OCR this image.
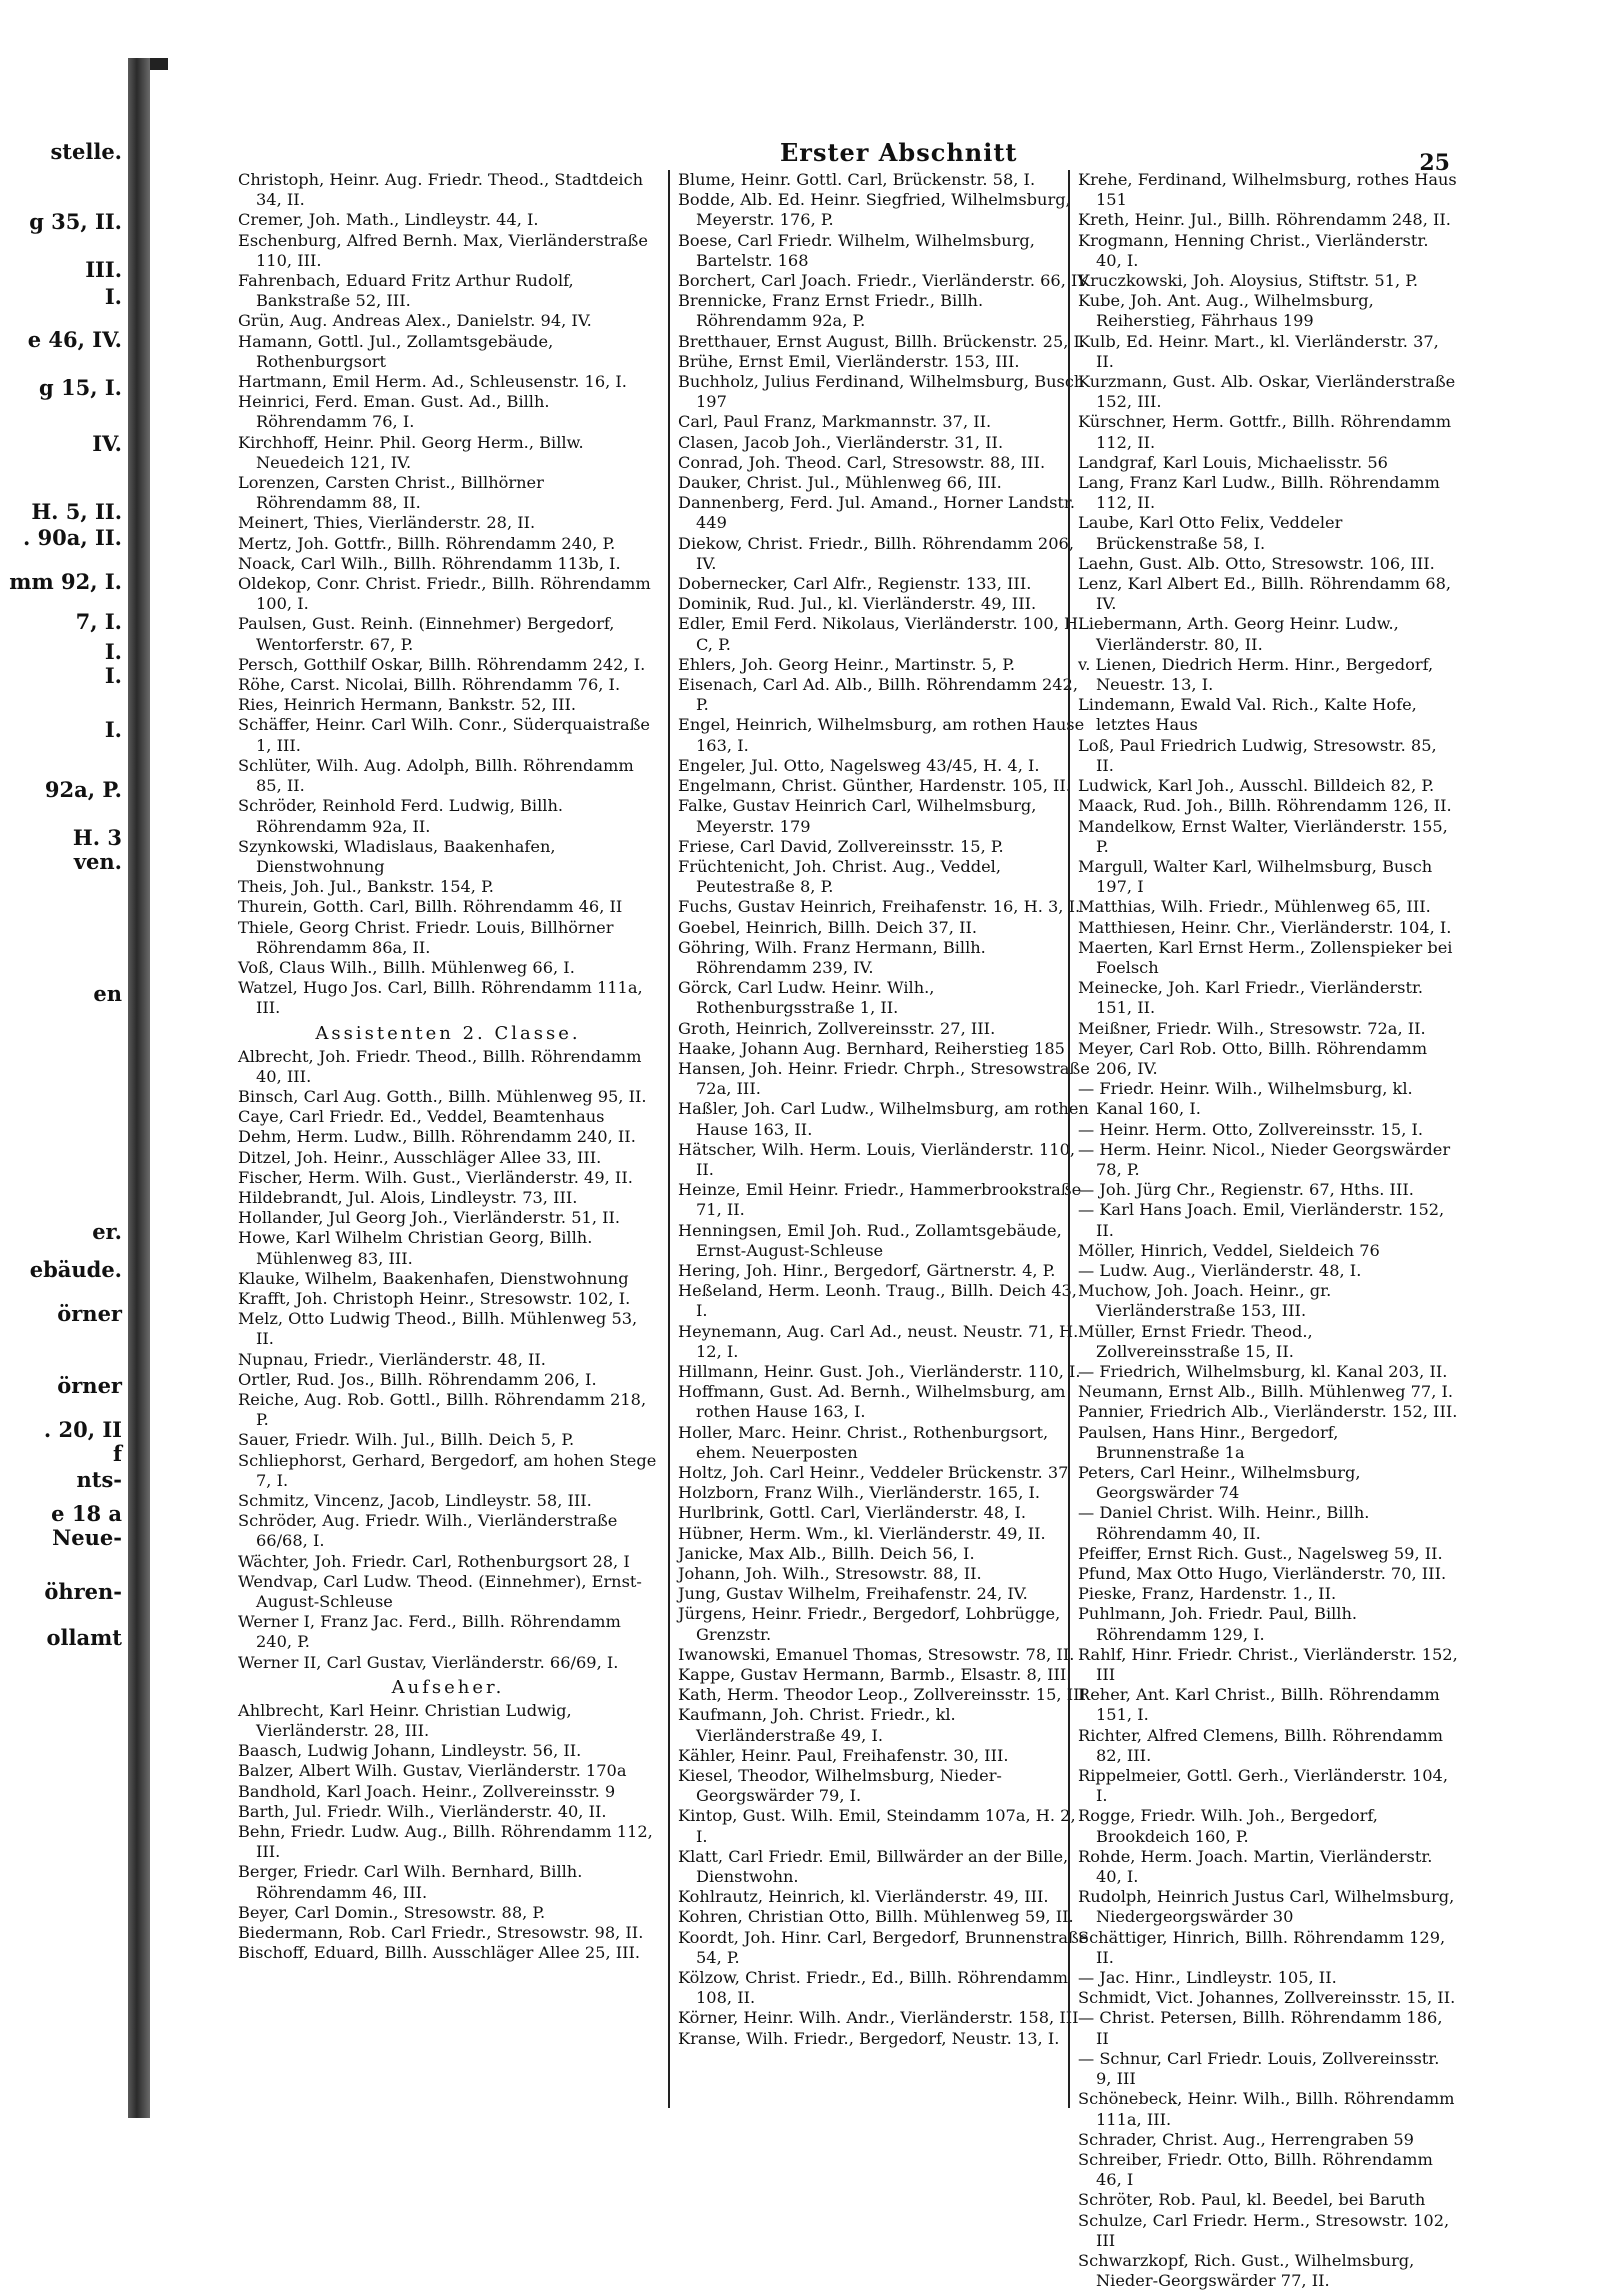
stelle.
g 35, II.
III.
I.
e 46, IV.
g 15, I.
IV.
H. 5, II.
. 90a, II.
mm 92, I.
7, I.
I.
I.
I.
92a, P.
H. 3
ven.
en
er.
ebäude.
örner
örner
. 20, II
f
nts-
e 18 a
Neue-
öhren-
ollamt
Erster Abschnitt	25

Christoph, Heinr. Aug. Friedr. Theod., Stadtdeich 34, II.

Cremer, Joh. Math., Lindleystr. 44, I.

Eschenburg, Alfred Bernh. Max, Vierländerstraße 110, III.

Fahrenbach, Eduard Fritz Arthur Rudolf, Bankstraße 52, III.

Grün, Aug. Andreas Alex., Danielstr. 94, IV.

Hamann, Gottl. Jul., Zollamtsgebäude, Rothenburgsort

Hartmann, Emil Herm. Ad., Schleusenstr. 16, I.

Heinrici, Ferd. Eman. Gust. Ad., Billh. Röhrendamm 76, I.

Kirchhoff, Heinr. Phil. Georg Herm., Billw. Neuedeich 121, IV.

Lorenzen, Carsten Christ., Billhörner Röhrendamm 88, II.

Meinert, Thies, Vierländerstr. 28, II.

Mertz, Joh. Gottfr., Billh. Röhrendamm 240, P.

Noack, Carl Wilh., Billh. Röhrendamm 113b, I.

Oldekop, Conr. Christ. Friedr., Billh. Röhrendamm 100, I.

Paulsen, Gust. Reinh. (Einnehmer) Bergedorf, Wentorferstr. 67, P.

Persch, Gotthilf Oskar, Billh. Röhrendamm 242, I.

Röhe, Carst. Nicolai, Billh. Röhrendamm 76, I.

Ries, Heinrich Hermann, Bankstr. 52, III.

Schäffer, Heinr. Carl Wilh. Conr., Süderquaistraße 1, III.

Schlüter, Wilh. Aug. Adolph, Billh. Röhrendamm 85, II.

Schröder, Reinhold Ferd. Ludwig, Billh. Röhrendamm 92a, II.

Szynkowski, Wladislaus, Baakenhafen, Dienstwohnung

Theis, Joh. Jul., Bankstr. 154, P.

Thurein, Gotth. Carl, Billh. Röhrendamm 46, II

Thiele, Georg Christ. Friedr. Louis, Billhörner Röhrendamm 86a, II.

Voß, Claus Wilh., Billh. Mühlenweg 66, I.

Watzel, Hugo Jos. Carl, Billh. Röhrendamm 111a, III.

Assistenten 2. Classe.

Albrecht, Joh. Friedr. Theod., Billh. Röhrendamm 40, III.

Binsch, Carl Aug. Gotth., Billh. Mühlenweg 95, II.

Caye, Carl Friedr. Ed., Veddel, Beamtenhaus

Dehm, Herm. Ludw., Billh. Röhrendamm 240, II.

Ditzel, Joh. Heinr., Ausschläger Allee 33, III.

Fischer, Herm. Wilh. Gust., Vierländerstr. 49, II.

Hildebrandt, Jul. Alois, Lindleystr. 73, III.

Hollander, Jul Georg Joh., Vierländerstr. 51, II.

Howe, Karl Wilhelm Christian Georg, Billh. Mühlenweg 83, III.

Klauke, Wilhelm, Baakenhafen, Dienstwohnung

Krafft, Joh. Christoph Heinr., Stresowstr. 102, I.

Melz, Otto Ludwig Theod., Billh. Mühlenweg 53, II.

Nupnau, Friedr., Vierländerstr. 48, II.

Ortler, Rud. Jos., Billh. Röhrendamm 206, I.

Reiche, Aug. Rob. Gottl., Billh. Röhrendamm 218, P.

Sauer, Friedr. Wilh. Jul., Billh. Deich 5, P.

Schliephorst, Gerhard, Bergedorf, am hohen Stege 7, I.

Schmitz, Vincenz, Jacob, Lindleystr. 58, III.

Schröder, Aug. Friedr. Wilh., Vierländerstraße 66/68, I.

Wächter, Joh. Friedr. Carl, Rothenburgsort 28, I

Wendvap, Carl Ludw. Theod. (Einnehmer), Ernst-August-Schleuse

Werner I, Franz Jac. Ferd., Billh. Röhrendamm 240, P.

Werner II, Carl Gustav, Vierländerstr. 66/69, I.

Aufseher.

Ahlbrecht, Karl Heinr. Christian Ludwig, Vierländerstr. 28, III.

Baasch, Ludwig Johann, Lindleystr. 56, II.

Balzer, Albert Wilh. Gustav, Vierländerstr. 170a

Bandhold, Karl Joach. Heinr., Zollvereinsstr. 9

Barth, Jul. Friedr. Wilh., Vierländerstr. 40, II.

Behn, Friedr. Ludw. Aug., Billh. Röhrendamm 112, III.

Berger, Friedr. Carl Wilh. Bernhard, Billh. Röhrendamm 46, III.

Beyer, Carl Domin., Stresowstr. 88, P.

Biedermann, Rob. Carl Friedr., Stresowstr. 98, II.

Bischoff, Eduard, Billh. Ausschläger Allee 25, III.

Blume, Heinr. Gottl. Carl, Brückenstr. 58, I.

Bodde, Alb. Ed. Heinr. Siegfried, Wilhelmsburg, Meyerstr. 176, P.

Boese, Carl Friedr. Wilhelm, Wilhelmsburg, Bartelstr. 168

Borchert, Carl Joach. Friedr., Vierländerstr. 66, IV

Brennicke, Franz Ernst Friedr., Billh. Röhrendamm 92a, P.

Bretthauer, Ernst August, Billh. Brückenstr. 25, I.

Brühe, Ernst Emil, Vierländerstr. 153, III.

Buchholz, Julius Ferdinand, Wilhelmsburg, Busch 197

Carl, Paul Franz, Markmannstr. 37, II.

Clasen, Jacob Joh., Vierländerstr. 31, II.

Conrad, Joh. Theod. Carl, Stresowstr. 88, III.

Dauker, Christ. Jul., Mühlenweg 66, III.

Dannenberg, Ferd. Jul. Amand., Horner Landstr. 449

Diekow, Christ. Friedr., Billh. Röhrendamm 206, IV.

Dobernecker, Carl Alfr., Regienstr. 133, III.

Dominik, Rud. Jul., kl. Vierländerstr. 49, III.

Edler, Emil Ferd. Nikolaus, Vierländerstr. 100, H. C, P.

Ehlers, Joh. Georg Heinr., Martinstr. 5, P.

Eisenach, Carl Ad. Alb., Billh. Röhrendamm 242, P.

Engel, Heinrich, Wilhelmsburg, am rothen Hause 163, I.

Engeler, Jul. Otto, Nagelsweg 43/45, H. 4, I.

Engelmann, Christ. Günther, Hardenstr. 105, II.

Falke, Gustav Heinrich Carl, Wilhelmsburg, Meyerstr. 179

Friese, Carl David, Zollvereinsstr. 15, P.

Früchtenicht, Joh. Christ. Aug., Veddel, Peutestraße 8, P.

Fuchs, Gustav Heinrich, Freihafenstr. 16, H. 3, I.

Goebel, Heinrich, Billh. Deich 37, II.

Göhring, Wilh. Franz Hermann, Billh. Röhrendamm 239, IV.

Görck, Carl Ludw. Heinr. Wilh., Rothenburgsstraße 1, II.

Groth, Heinrich, Zollvereinsstr. 27, III.

Haake, Johann Aug. Bernhard, Reiherstieg 185

Hansen, Joh. Heinr. Friedr. Chrph., Stresowstraße 72a, III.

Haßler, Joh. Carl Ludw., Wilhelmsburg, am rothen Hause 163, II.

Hätscher, Wilh. Herm. Louis, Vierländerstr. 110, II.

Heinze, Emil Heinr. Friedr., Hammerbrookstraße 71, II.

Henningsen, Emil Joh. Rud., Zollamtsgebäude, Ernst-August-Schleuse

Hering, Joh. Hinr., Bergedorf, Gärtnerstr. 4, P.

Heßeland, Herm. Leonh. Traug., Billh. Deich 43, I.

Heynemann, Aug. Carl Ad., neust. Neustr. 71, H. 12, I.

Hillmann, Heinr. Gust. Joh., Vierländerstr. 110, I.

Hoffmann, Gust. Ad. Bernh., Wilhelmsburg, am rothen Hause 163, I.

Holler, Marc. Heinr. Christ., Rothenburgsort, ehem. Neuerposten

Holtz, Joh. Carl Heinr., Veddeler Brückenstr. 37

Holzborn, Franz Wilh., Vierländerstr. 165, I.

Hurlbrink, Gottl. Carl, Vierländerstr. 48, I.

Hübner, Herm. Wm., kl. Vierländerstr. 49, II.

Janicke, Max Alb., Billh. Deich 56, I.

Johann, Joh. Wilh., Stresowstr. 88, II.

Jung, Gustav Wilhelm, Freihafenstr. 24, IV.

Jürgens, Heinr. Friedr., Bergedorf, Lohbrügge, Grenzstr.

Iwanowski, Emanuel Thomas, Stresowstr. 78, II.

Kappe, Gustav Hermann, Barmb., Elsastr. 8, III.

Kath, Herm. Theodor Leop., Zollvereinsstr. 15, III

Kaufmann, Joh. Christ. Friedr., kl. Vierländerstraße 49, I.

Kähler, Heinr. Paul, Freihafenstr. 30, III.

Kiesel, Theodor, Wilhelmsburg, Nieder-Georgswärder 79, I.

Kintop, Gust. Wilh. Emil, Steindamm 107a, H. 2, I.

Klatt, Carl Friedr. Emil, Billwärder an der Bille, Dienstwohn.

Kohlrautz, Heinrich, kl. Vierländerstr. 49, III.

Kohren, Christian Otto, Billh. Mühlenweg 59, II.

Koordt, Joh. Hinr. Carl, Bergedorf, Brunnenstraße 54, P.

Kölzow, Christ. Friedr., Ed., Billh. Röhrendamm 108, II.

Körner, Heinr. Wilh. Andr., Vierländerstr. 158, III

Kranse, Wilh. Friedr., Bergedorf, Neustr. 13, I.

Krehe, Ferdinand, Wilhelmsburg, rothes Haus 151

Kreth, Heinr. Jul., Billh. Röhrendamm 248, II.

Krogmann, Henning Christ., Vierländerstr. 40, I.

Kruczkowski, Joh. Aloysius, Stiftstr. 51, P.

Kube, Joh. Ant. Aug., Wilhelmsburg, Reiherstieg, Fährhaus 199

Kulb, Ed. Heinr. Mart., kl. Vierländerstr. 37, II.

Kurzmann, Gust. Alb. Oskar, Vierländerstraße 152, III.

Kürschner, Herm. Gottfr., Billh. Röhrendamm 112, II.

Landgraf, Karl Louis, Michaelisstr. 56

Lang, Franz Karl Ludw., Billh. Röhrendamm 112, II.

Laube, Karl Otto Felix, Veddeler Brückenstraße 58, I.

Laehn, Gust. Alb. Otto, Stresowstr. 106, III.

Lenz, Karl Albert Ed., Billh. Röhrendamm 68, IV.

Liebermann, Arth. Georg Heinr. Ludw., Vierländerstr. 80, II.

v. Lienen, Diedrich Herm. Hinr., Bergedorf, Neuestr. 13, I.

Lindemann, Ewald Val. Rich., Kalte Hofe, letztes Haus

Loß, Paul Friedrich Ludwig, Stresowstr. 85, II.

Ludwick, Karl Joh., Ausschl. Billdeich 82, P.

Maack, Rud. Joh., Billh. Röhrendamm 126, II.

Mandelkow, Ernst Walter, Vierländerstr. 155, P.

Margull, Walter Karl, Wilhelmsburg, Busch 197, I

Matthias, Wilh. Friedr., Mühlenweg 65, III.

Matthiesen, Heinr. Chr., Vierländerstr. 104, I.

Maerten, Karl Ernst Herm., Zollenspieker bei Foelsch

Meinecke, Joh. Karl Friedr., Vierländerstr. 151, II.

Meißner, Friedr. Wilh., Stresowstr. 72a, II.

Meyer, Carl Rob. Otto, Billh. Röhrendamm 206, IV.

— Friedr. Heinr. Wilh., Wilhelmsburg, kl. Kanal 160, I.

— Heinr. Herm. Otto, Zollvereinsstr. 15, I.

— Herm. Heinr. Nicol., Nieder Georgswärder 78, P.

— Joh. Jürg Chr., Regienstr. 67, Hths. III.

— Karl Hans Joach. Emil, Vierländerstr. 152, II.

Möller, Hinrich, Veddel, Sieldeich 76

— Ludw. Aug., Vierländerstr. 48, I.

Muchow, Joh. Joach. Heinr., gr. Vierländerstraße 153, III.

Müller, Ernst Friedr. Theod., Zollvereinsstraße 15, II.

— Friedrich, Wilhelmsburg, kl. Kanal 203, II.

Neumann, Ernst Alb., Billh. Mühlenweg 77, I.

Pannier, Friedrich Alb., Vierländerstr. 152, III.

Paulsen, Hans Hinr., Bergedorf, Brunnenstraße 1a

Peters, Carl Heinr., Wilhelmsburg, Georgswärder 74

— Daniel Christ. Wilh. Heinr., Billh. Röhrendamm 40, II.

Pfeiffer, Ernst Rich. Gust., Nagelsweg 59, II.

Pfund, Max Otto Hugo, Vierländerstr. 70, III.

Pieske, Franz, Hardenstr. 1., II.

Puhlmann, Joh. Friedr. Paul, Billh. Röhrendamm 129, I.

Rahlf, Hinr. Friedr. Christ., Vierländerstr. 152, III

Reher, Ant. Karl Christ., Billh. Röhrendamm 151, I.

Richter, Alfred Clemens, Billh. Röhrendamm 82, III.

Rippelmeier, Gottl. Gerh., Vierländerstr. 104, I.

Rogge, Friedr. Wilh. Joh., Bergedorf, Brookdeich 160, P.

Rohde, Herm. Joach. Martin, Vierländerstr. 40, I.

Rudolph, Heinrich Justus Carl, Wilhelmsburg, Niedergeorgswärder 30

Schättiger, Hinrich, Billh. Röhrendamm 129, II.

— Jac. Hinr., Lindleystr. 105, II.

Schmidt, Vict. Johannes, Zollvereinsstr. 15, II.

— Christ. Petersen, Billh. Röhrendamm 186, II

— Schnur, Carl Friedr. Louis, Zollvereinsstr. 9, III

Schönebeck, Heinr. Wilh., Billh. Röhrendamm 111a, III.

Schrader, Christ. Aug., Herrengraben 59

Schreiber, Friedr. Otto, Billh. Röhrendamm 46, I

Schröter, Rob. Paul, kl. Beedel, bei Baruth

Schulze, Carl Friedr. Herm., Stresowstr. 102, III

Schwarzkopf, Rich. Gust., Wilhelmsburg, Nieder-Georgswärder 77, II.
